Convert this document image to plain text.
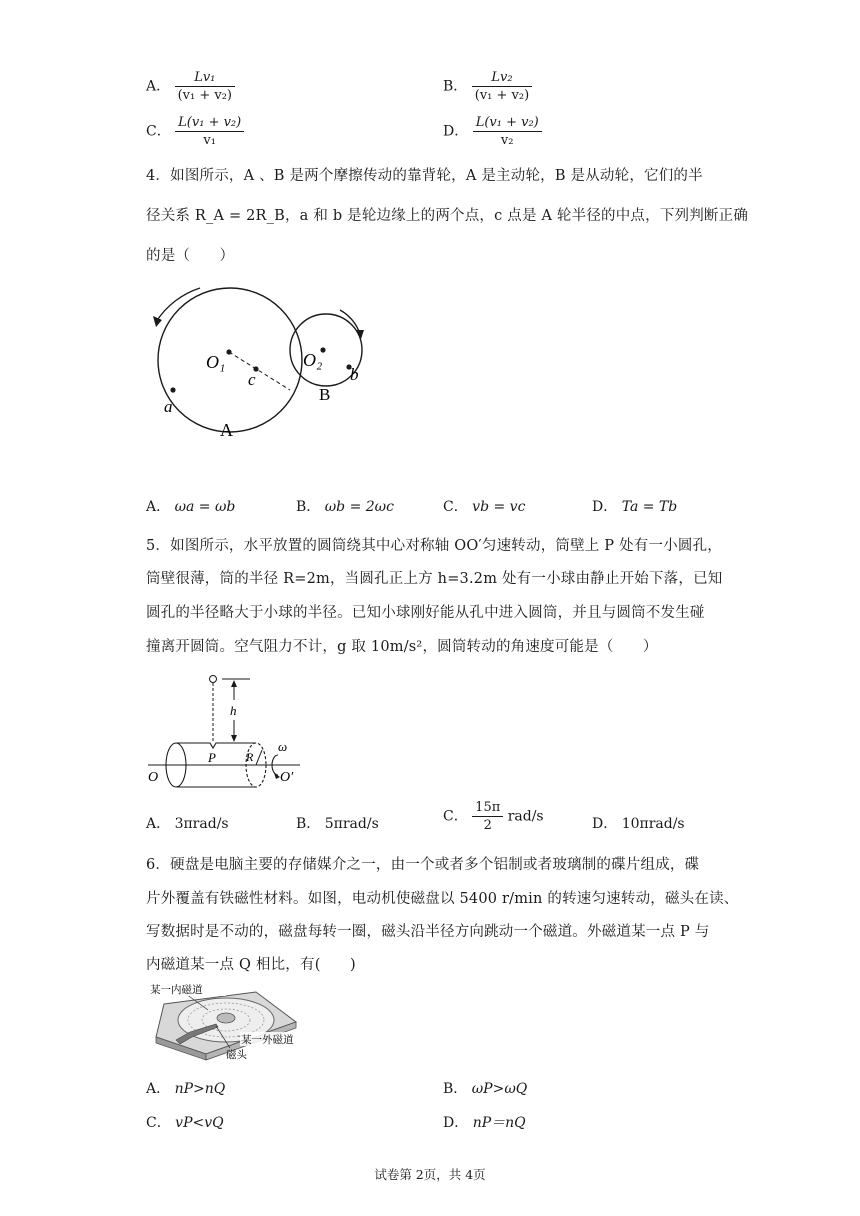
A． $\frac{\text{Lv₁}}{\text{(v₁ + v₂)}}$	B． $\frac{\text{Lv₂}}{\text{(v₁ + v₂)}}$
C． $\frac{\text{L(v₁ + v₂)}}{\text{v₁}}$	D． $\frac{\text{L(v₁ + v₂)}}{\text{v₂}}$
4．如图所示，A 、B 是两个摩擦传动的靠背轮，A 是主动轮，B 是从动轮，它们的半
径关系 R_A = 2R_B，a 和 b 是轮边缘上的两个点，c 点是 A 轮半径的中点，下列判断正确
的是（　　）
O₁
c
a
O₂
b
B
A
A． ωa = ωb	B． ωb = 2ωc	C． vb = vc	D． Ta = Tb
5．如图所示，水平放置的圆筒绕其中心对称轴 OO′匀速转动，筒壁上 P 处有一小圆孔，
筒壁很薄，筒的半径 R=2m，当圆孔正上方 h=3.2m 处有一小球由静止开始下落，已知
圆孔的半径略大于小球的半径。已知小球刚好能从孔中进入圆筒，并且与圆筒不发生碰
撞离开圆筒。空气阻力不计，g 取 10m/s²，圆筒转动的角速度可能是（　　）
h
P	R
O	O′
ω
A． 3πrad/s	B． 5πrad/s	C． $\frac{15\pi}{2} rad/s$	D． 10πrad/s
6．硬盘是电脑主要的存储媒介之一，由一个或者多个铝制或者玻璃制的碟片组成，碟
片外覆盖有铁磁性材料。如图，电动机使磁盘以 5400 r/min 的转速匀速转动，磁头在读、
写数据时是不动的，磁盘每转一圈，磁头沿半径方向跳动一个磁道。外磁道某一点 P 与
内磁道某一点 Q 相比，有(　　)
某一内磁道
某一外磁道
磁头
A． nP>nQ	B． ωP>ωQ
C． vP<vQ	D． nP＝nQ
试卷第 2页，共 4页
